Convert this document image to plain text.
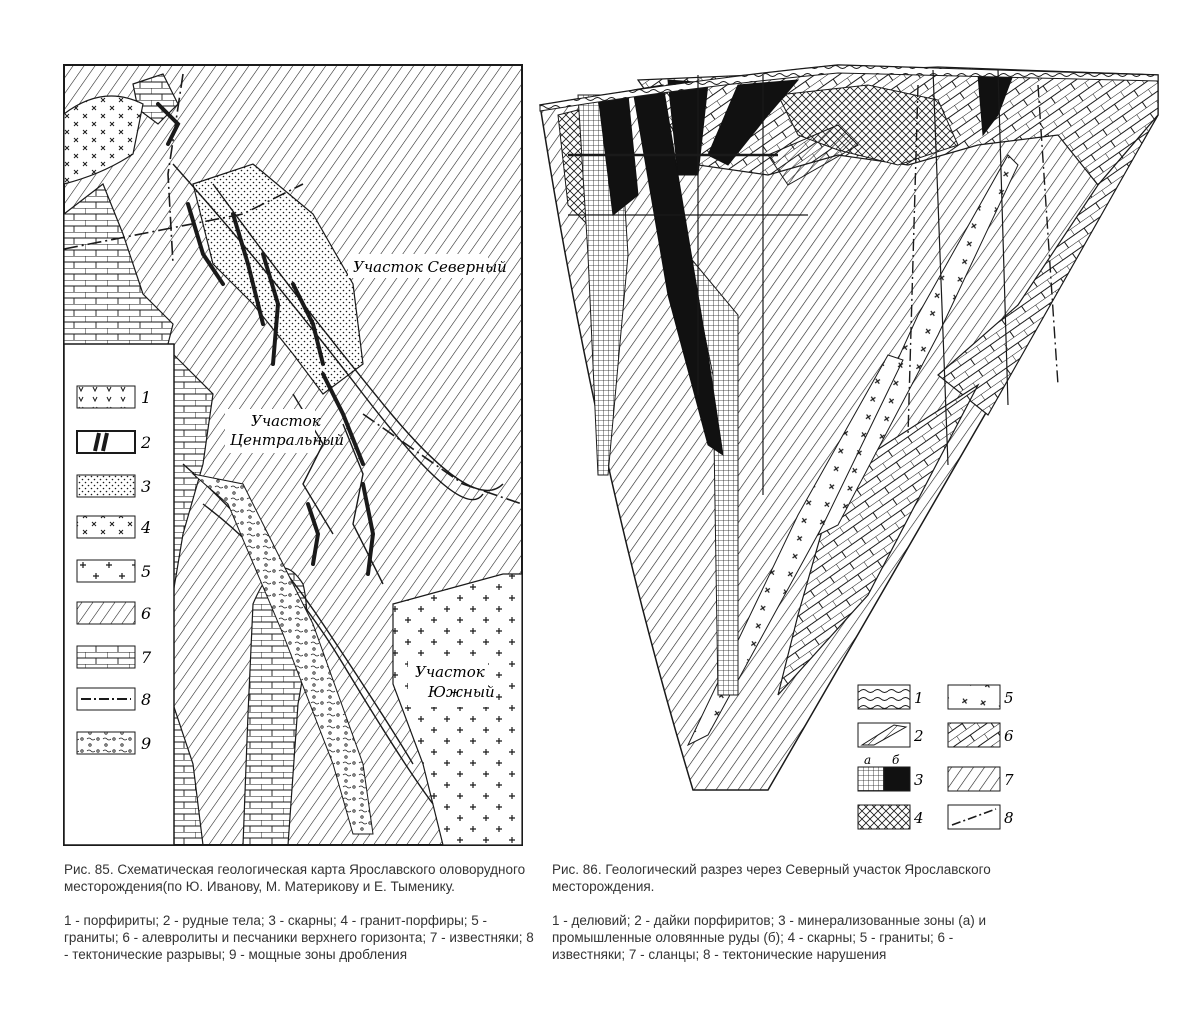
1
2
3
4
5
6
7
8
9
Участок Северный
Участок
Центральный
Участок
Южный	1	5
2	6
3	7
4	8
а б
Рис. 85. Схематическая геологическая карта Ярославского оловорудного месторождения(по Ю. Иванову, М. Материкову и Е. Тыменику.
1 - порфириты; 2 - рудные тела; 3 - скарны; 4 - гранит-порфиры; 5 - граниты; 6 - алевролиты и песчаники верхнего горизонта; 7 - известняки; 8 - тектонические разрывы; 9 - мощные зоны дробления
Рис. 86. Геологический разрез через Северный участок Ярославского месторождения.
1 - делювий; 2 - дайки порфиритов; 3 - минерализованные зоны (а) и промышленные оловянные руды (б); 4 - скарны; 5 - граниты; 6 - известняки; 7 - сланцы; 8 - тектонические нарушения
